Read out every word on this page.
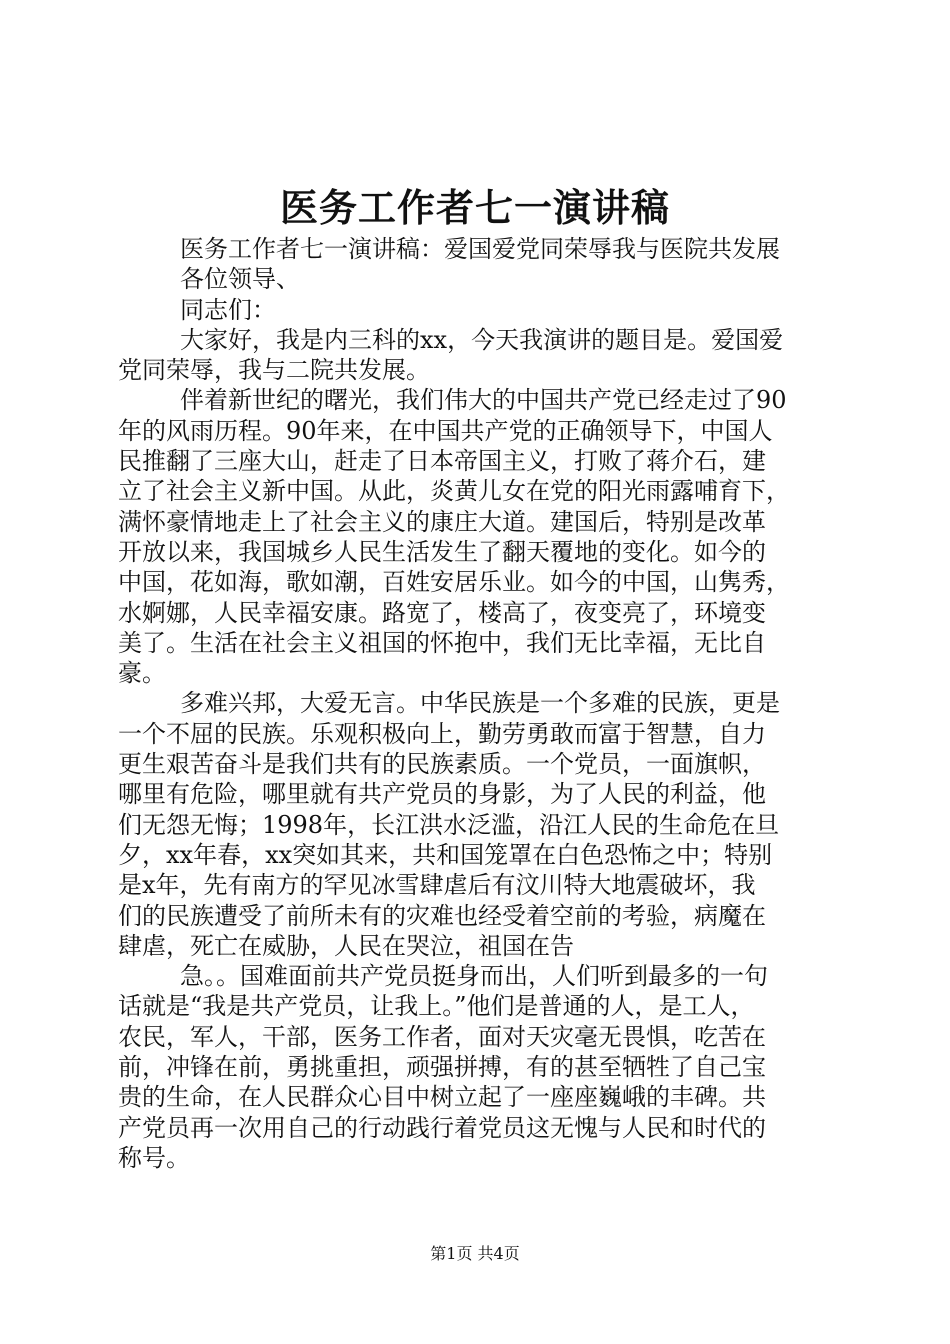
医务工作者七一演讲稿
医务工作者七一演讲稿：爱国爱党同荣辱我与医院共发展
各位领导、
同志们：
大家好，我是内三科的xx，今天我演讲的题目是。爱国爱
党同荣辱，我与二院共发展。
伴着新世纪的曙光，我们伟大的中国共产党已经走过了90
年的风雨历程。90年来，在中国共产党的正确领导下，中国人
民推翻了三座大山，赶走了日本帝国主义，打败了蒋介石，建
立了社会主义新中国。从此，炎黄儿女在党的阳光雨露哺育下，
满怀豪情地走上了社会主义的康庄大道。建国后，特别是改革
开放以来，我国城乡人民生活发生了翻天覆地的变化。如今的
中国，花如海，歌如潮，百姓安居乐业。如今的中国，山隽秀，
水婀娜，人民幸福安康。路宽了，楼高了，夜变亮了，环境变
美了。生活在社会主义祖国的怀抱中，我们无比幸福，无比自
豪。
多难兴邦，大爱无言。中华民族是一个多难的民族，更是
一个不屈的民族。乐观积极向上，勤劳勇敢而富于智慧，自力
更生艰苦奋斗是我们共有的民族素质。一个党员，一面旗帜，
哪里有危险，哪里就有共产党员的身影，为了人民的利益，他
们无怨无悔；1998年，长江洪水泛滥，沿江人民的生命危在旦
夕，xx年春，xx突如其来，共和国笼罩在白色恐怖之中；特别
是x年，先有南方的罕见冰雪肆虐后有汶川特大地震破坏，我
们的民族遭受了前所未有的灾难也经受着空前的考验，病魔在
肆虐，死亡在威胁，人民在哭泣，祖国在告
急。。国难面前共产党员挺身而出，人们听到最多的一句
话就是“我是共产党员，让我上。”他们是普通的人，是工人，
农民，军人，干部，医务工作者，面对天灾毫无畏惧，吃苦在
前，冲锋在前，勇挑重担，顽强拼搏，有的甚至牺牲了自己宝
贵的生命，在人民群众心目中树立起了一座座巍峨的丰碑。共
产党员再一次用自己的行动践行着党员这无愧与人民和时代的
称号。
第1页 共4页
